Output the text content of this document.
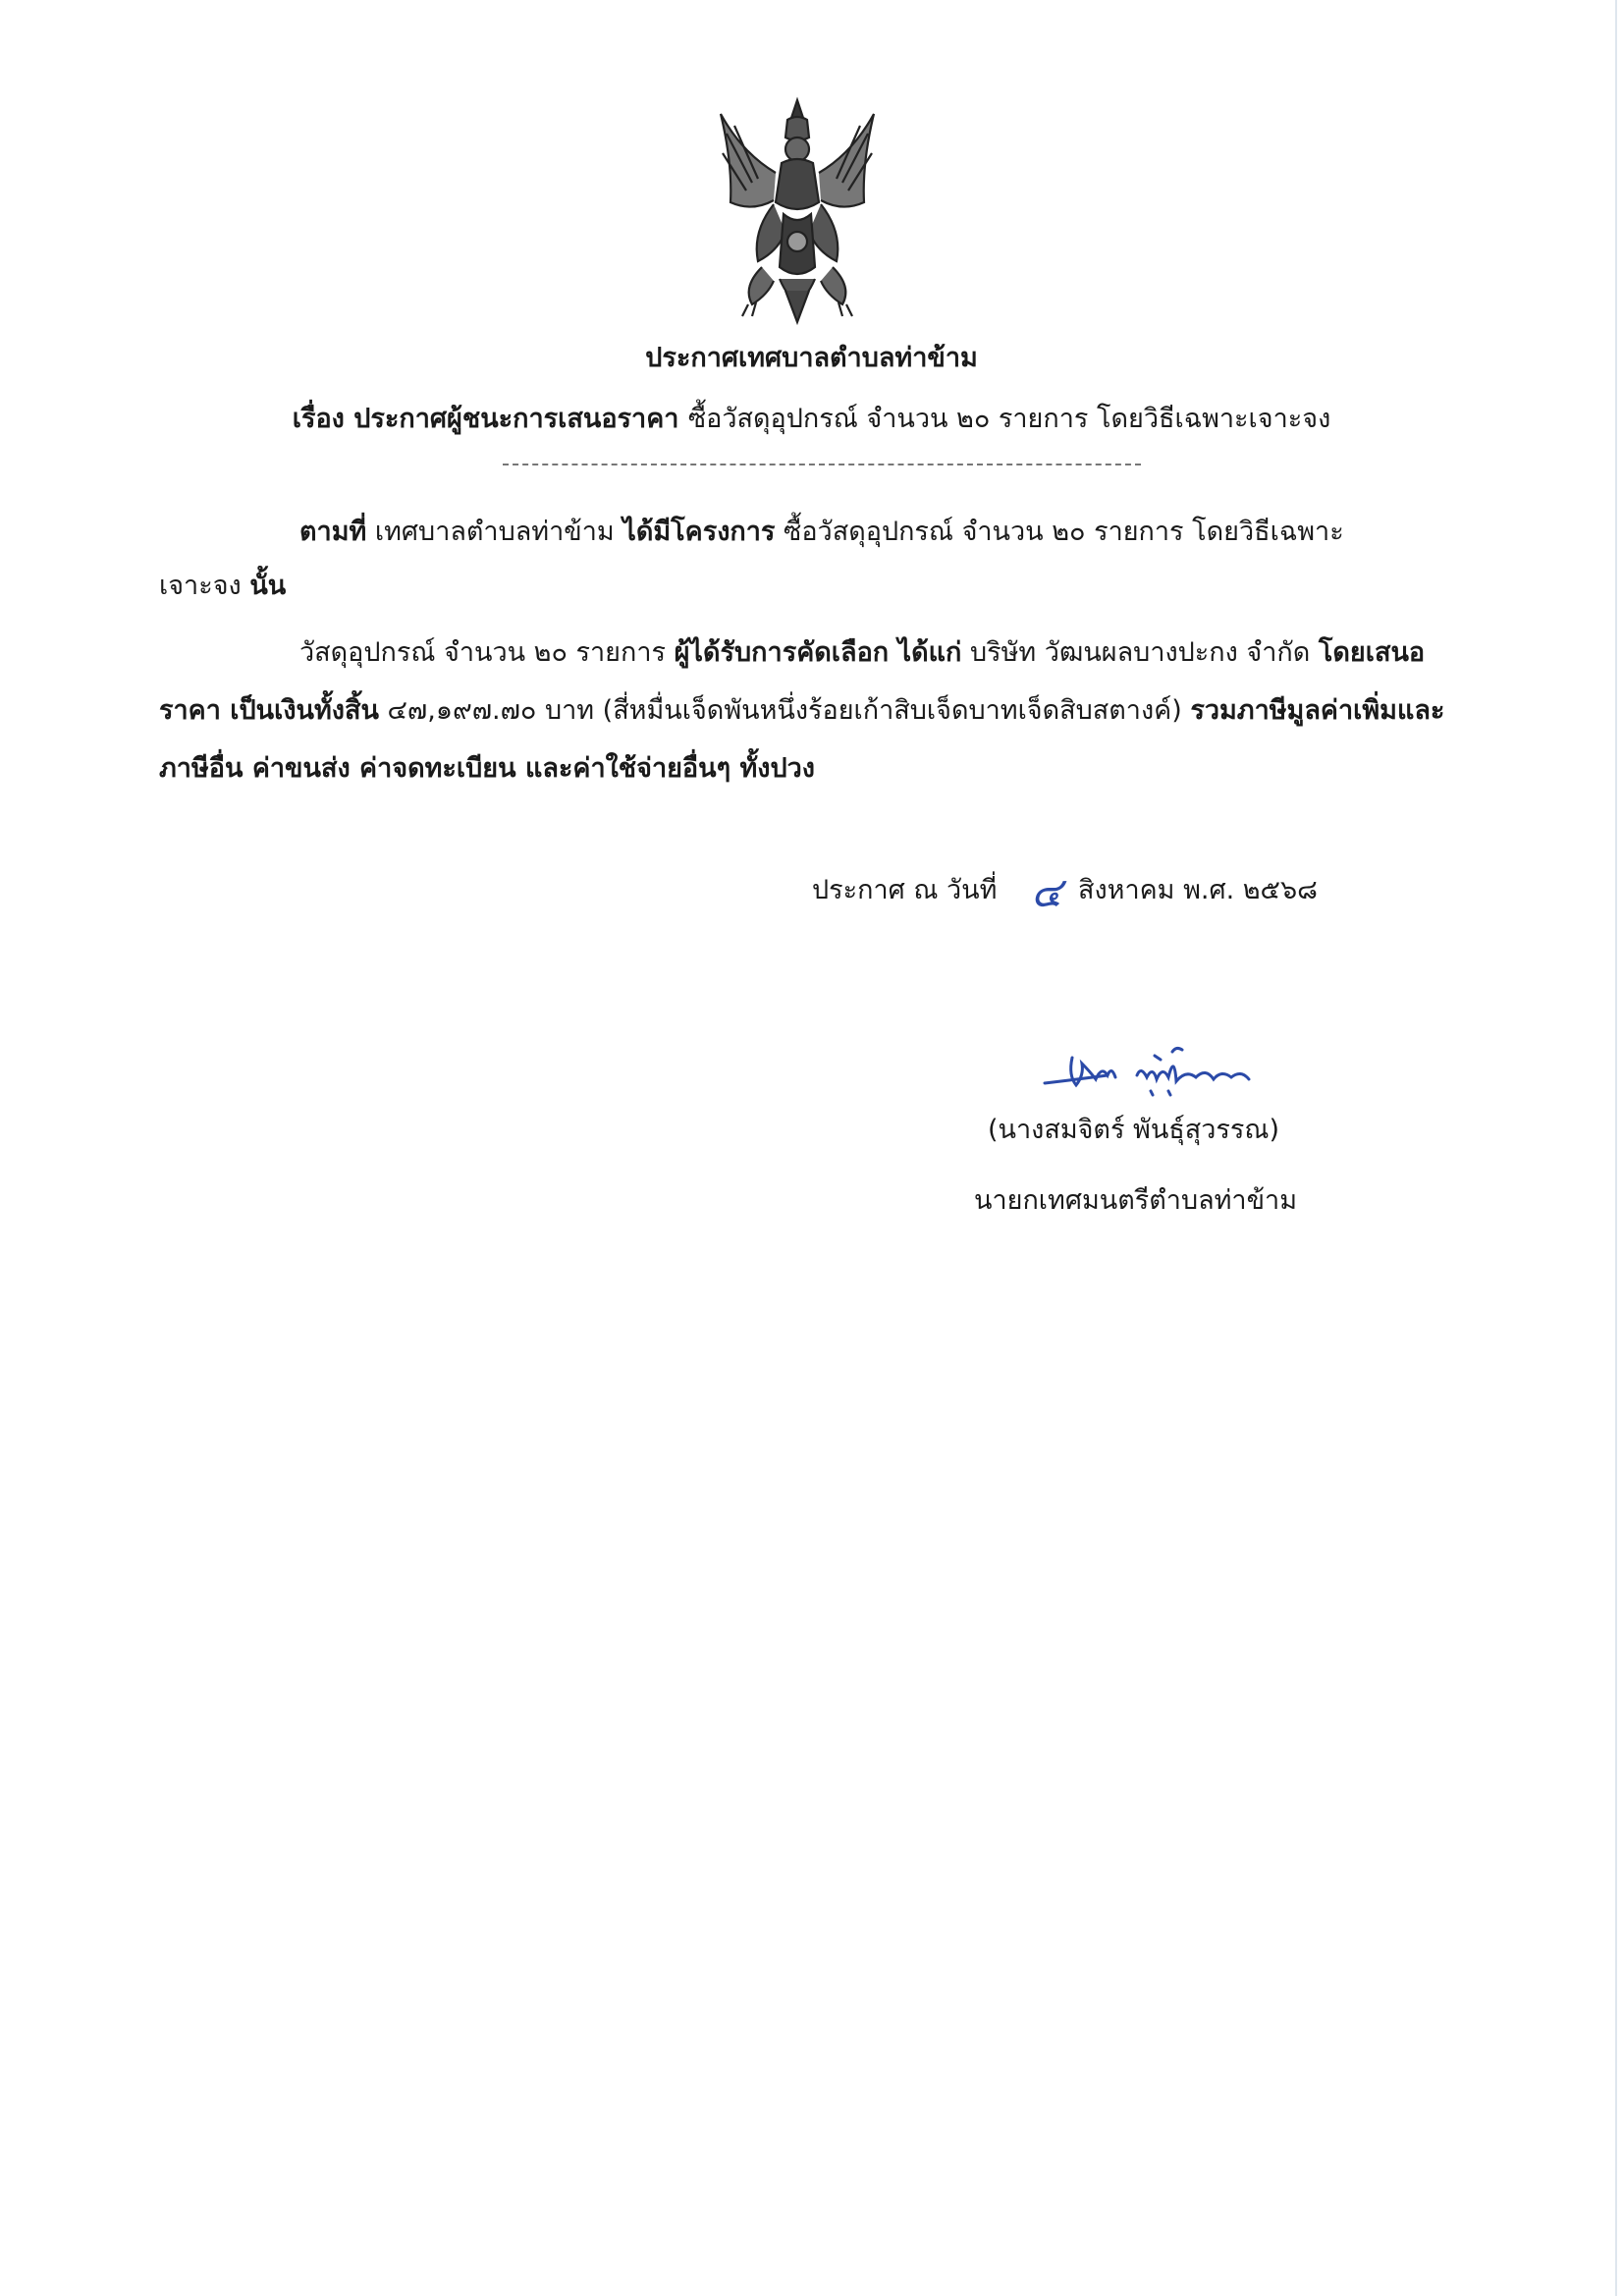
ประกาศเทศบาลตำบลท่าข้าม
เรื่อง ประกาศผู้ชนะการเสนอราคา ซื้อวัสดุอุปกรณ์ จำนวน ๒๐ รายการ โดยวิธีเฉพาะเจาะจง
ตามที่ เทศบาลตำบลท่าข้าม ได้มีโครงการ ซื้อวัสดุอุปกรณ์ จำนวน ๒๐ รายการ โดยวิธีเฉพาะ
เจาะจง นั้น
วัสดุอุปกรณ์ จำนวน ๒๐ รายการ ผู้ได้รับการคัดเลือก ได้แก่ บริษัท วัฒนผลบางปะกง จำกัด โดยเสนอ
ราคา เป็นเงินทั้งสิ้น ๔๗,๑๙๗.๗๐ บาท (สี่หมื่นเจ็ดพันหนึ่งร้อยเก้าสิบเจ็ดบาทเจ็ดสิบสตางค์) รวมภาษีมูลค่าเพิ่มและ
ภาษีอื่น ค่าขนส่ง ค่าจดทะเบียน และค่าใช้จ่ายอื่นๆ ทั้งปวง
ประกาศ ณ วันที่ ๔ สิงหาคม พ.ศ. ๒๕๖๘
(นางสมจิตร์ พันธุ์สุวรรณ)
นายกเทศมนตรีตำบลท่าข้าม
